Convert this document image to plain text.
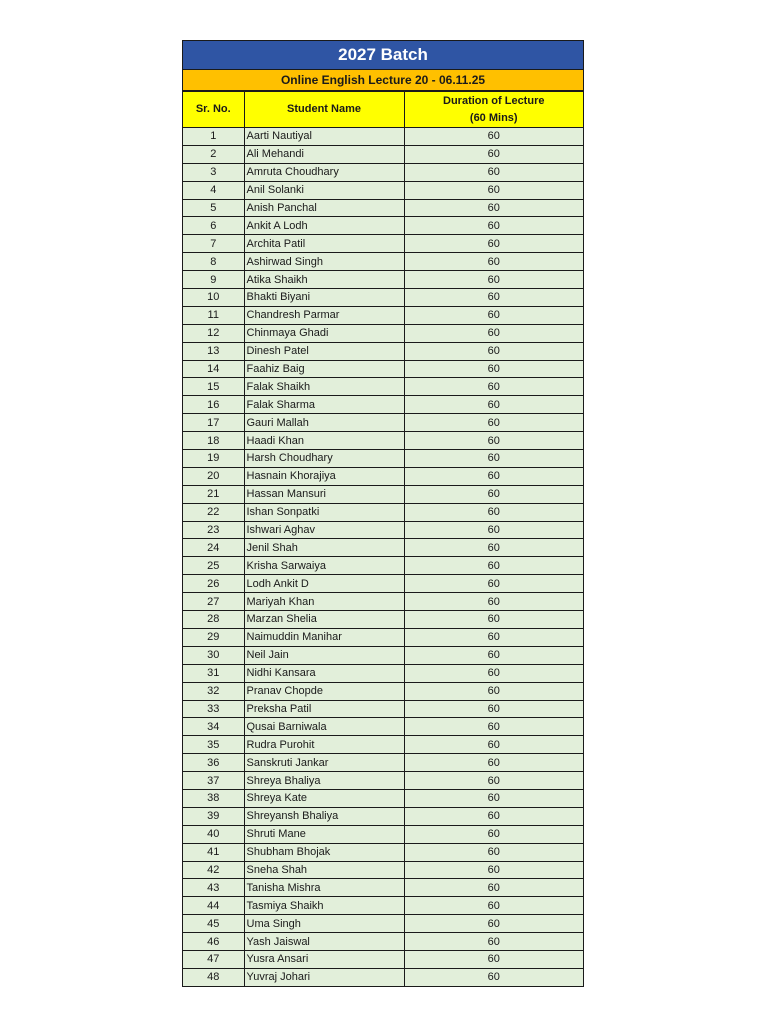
2027 Batch
Online English Lecture 20 - 06.11.25
Sr. No.	Student Name	Duration of Lecture
(60 Mins)

1	Aarti Nautiyal	60
2	Ali Mehandi	60
3	Amruta Choudhary	60
4	Anil Solanki	60
5	Anish Panchal	60
6	Ankit A Lodh	60
7	Archita Patil	60
8	Ashirwad Singh	60
9	Atika Shaikh	60
10	Bhakti Biyani	60
11	Chandresh Parmar	60
12	Chinmaya Ghadi	60
13	Dinesh Patel	60
14	Faahiz Baig	60
15	Falak Shaikh	60
16	Falak Sharma	60
17	Gauri Mallah	60
18	Haadi Khan	60
19	Harsh Choudhary	60
20	Hasnain Khorajiya	60
21	Hassan Mansuri	60
22	Ishan Sonpatki	60
23	Ishwari Aghav	60
24	Jenil Shah	60
25	Krisha Sarwaiya	60
26	Lodh Ankit D	60
27	Mariyah Khan	60
28	Marzan Shelia	60
29	Naimuddin Manihar	60
30	Neil Jain	60
31	Nidhi Kansara	60
32	Pranav Chopde	60
33	Preksha Patil	60
34	Qusai Barniwala	60
35	Rudra Purohit	60
36	Sanskruti Jankar	60
37	Shreya Bhaliya	60
38	Shreya Kate	60
39	Shreyansh Bhaliya	60
40	Shruti Mane	60
41	Shubham Bhojak	60
42	Sneha Shah	60
43	Tanisha Mishra	60
44	Tasmiya Shaikh	60
45	Uma Singh	60
46	Yash Jaiswal	60
47	Yusra Ansari	60
48	Yuvraj Johari	60
